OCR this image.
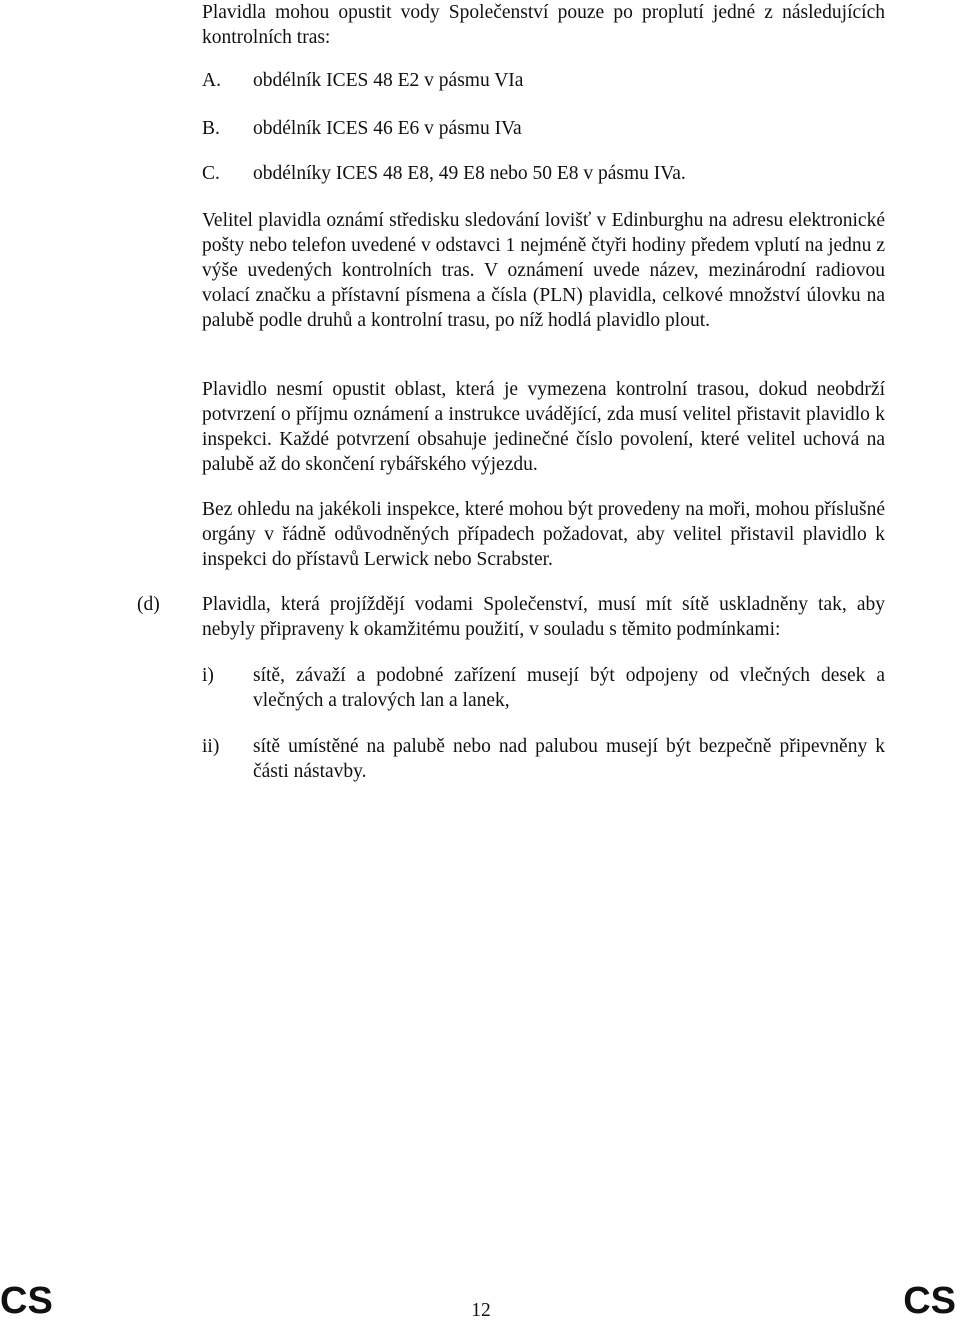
Plavidla mohou opustit vody Společenství pouze po proplutí jedné z následujících kontrolních tras:
A. obdélník ICES 48 E2 v pásmu VIa
B. obdélník ICES 46 E6 v pásmu IVa
C. obdélníky ICES 48 E8, 49 E8 nebo 50 E8 v pásmu IVa.
Velitel plavidla oznámí středisku sledování lovišť v Edinburghu na adresu elektronické pošty nebo telefon uvedené v odstavci 1 nejméně čtyři hodiny předem vplutí na jednu z výše uvedených kontrolních tras. V oznámení uvede název, mezinárodní radiovou volací značku a přístavní písmena a čísla (PLN) plavidla, celkové množství úlovku na palubě podle druhů a kontrolní trasu, po níž hodlá plavidlo plout.
Plavidlo nesmí opustit oblast, která je vymezena kontrolní trasou, dokud neobdrží potvrzení o příjmu oznámení a instrukce uvádějící, zda musí velitel přistavit plavidlo k inspekci. Každé potvrzení obsahuje jedinečné číslo povolení, které velitel uchová na palubě až do skončení rybářského výjezdu.
Bez ohledu na jakékoli inspekce, které mohou být provedeny na moři, mohou příslušné orgány v řádně odůvodněných případech požadovat, aby velitel přistavil plavidlo k inspekci do přístavů Lerwick nebo Scrabster.
(d) Plavidla, která projíždějí vodami Společenství, musí mít sítě uskladněny tak, aby nebyly připraveny k okamžitému použití, v souladu s těmito podmínkami:
i) sítě, závaží a podobné zařízení musejí být odpojeny od vlečných desek a vlečných a tralových lan a lanek,
ii) sítě umístěné na palubě nebo nad palubou musejí být bezpečně připevněny k části nástavby.
CS	12	CS
